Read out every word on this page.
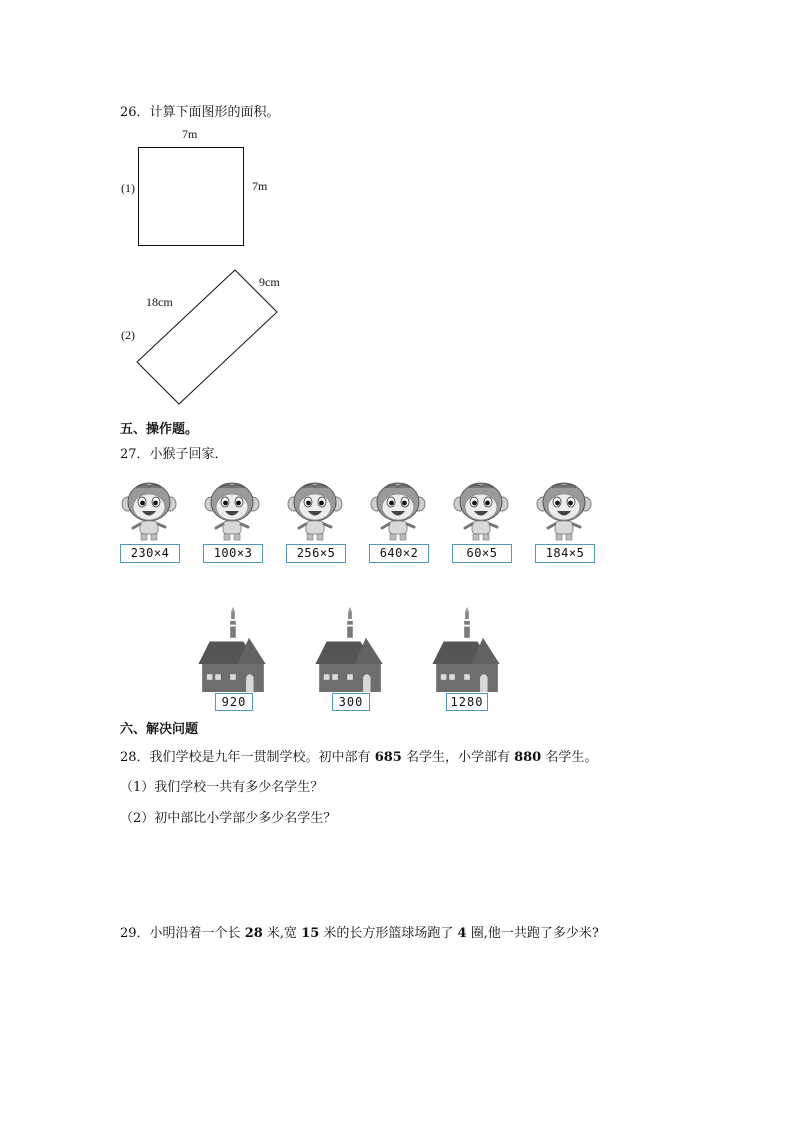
26．计算下面图形的面积。
7m
(1)	7m
9cm
18cm
(2)
五、操作题。
27．小猴子回家．
230×4	100×3	256×5	640×2	60×5	184×5
920	300	1280
六、解决问题
28．我们学校是九年一贯制学校。初中部有 685 名学生，小学部有 880 名学生。
（1）我们学校一共有多少名学生？
（2）初中部比小学部少多少名学生？
29．小明沿着一个长 28 米,宽 15 米的长方形篮球场跑了 4 圈,他一共跑了多少米?
